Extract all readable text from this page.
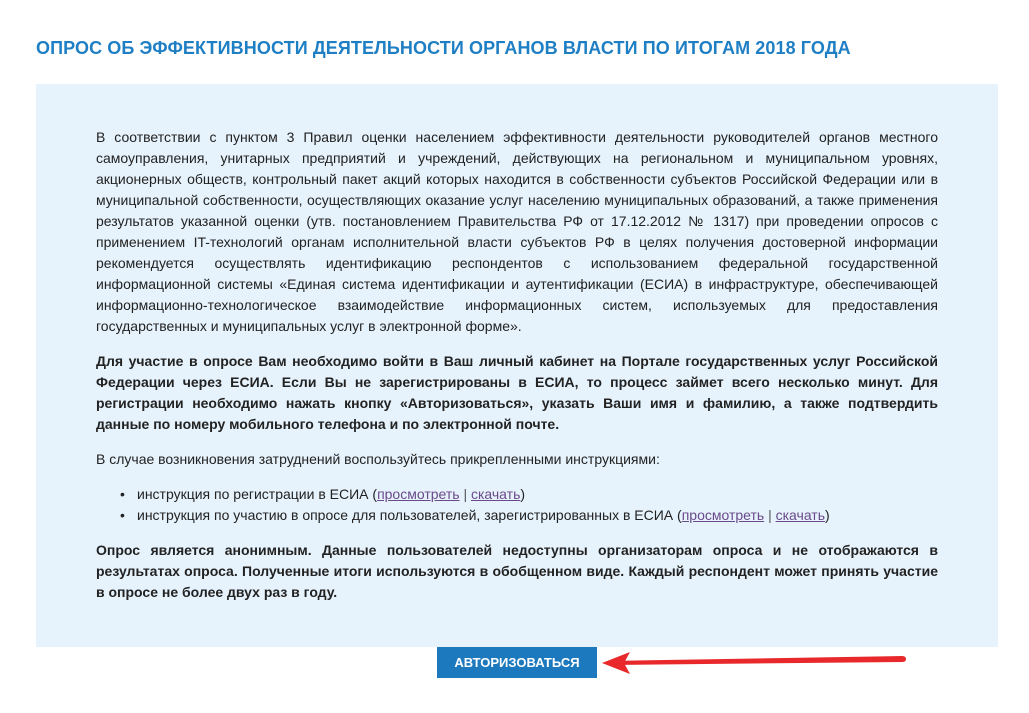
ОПРОС ОБ ЭФФЕКТИВНОСТИ ДЕЯТЕЛЬНОСТИ ОРГАНОВ ВЛАСТИ ПО ИТОГАМ 2018 ГОДА

В соответствии с пунктом 3 Правил оценки населением эффективности деятельности руководителей органов местного самоуправления, унитарных предприятий и учреждений, действующих на региональном и муниципальном уровнях, акционерных обществ, контрольный пакет акций которых находится в собственности субъектов Российской Федерации или в муниципальной собственности, осуществляющих оказание услуг населению муниципальных образований, а также применения результатов указанной оценки (утв. постановлением Правительства РФ от 17.12.2012 № 1317) при проведении опросов с применением IT-технологий органам исполнительной власти субъектов РФ в целях получения достоверной информации рекомендуется осуществлять идентификацию респондентов с использованием федеральной государственной информационной системы «Единая система идентификации и аутентификации (ЕСИА) в инфраструктуре, обеспечивающей информационно-технологическое взаимодействие информационных систем, используемых для предоставления государственных и муниципальных услуг в электронной форме».

Для участие в опросе Вам необходимо войти в Ваш личный кабинет на Портале государственных услуг Российской Федерации через ЕСИА. Если Вы не зарегистрированы в ЕСИА, то процесс займет всего несколько минут. Для регистрации необходимо нажать кнопку «Авторизоваться», указать Ваши имя и фамилию, а также подтвердить данные по номеру мобильного телефона и по электронной почте.

В случае возникновения затруднений воспользуйтесь прикрепленными инструкциями:

• инструкция по регистрации в ЕСИА (просмотреть | скачать)
• инструкция по участию в опросе для пользователей, зарегистрированных в ЕСИА (просмотреть | скачать)

Опрос является анонимным. Данные пользователей недоступны организаторам опроса и не отображаются в результатах опроса. Полученные итоги используются в обобщенном виде. Каждый респондент может принять участие в опросе не более двух раз в году.

АВТОРИЗОВАТЬСЯ
